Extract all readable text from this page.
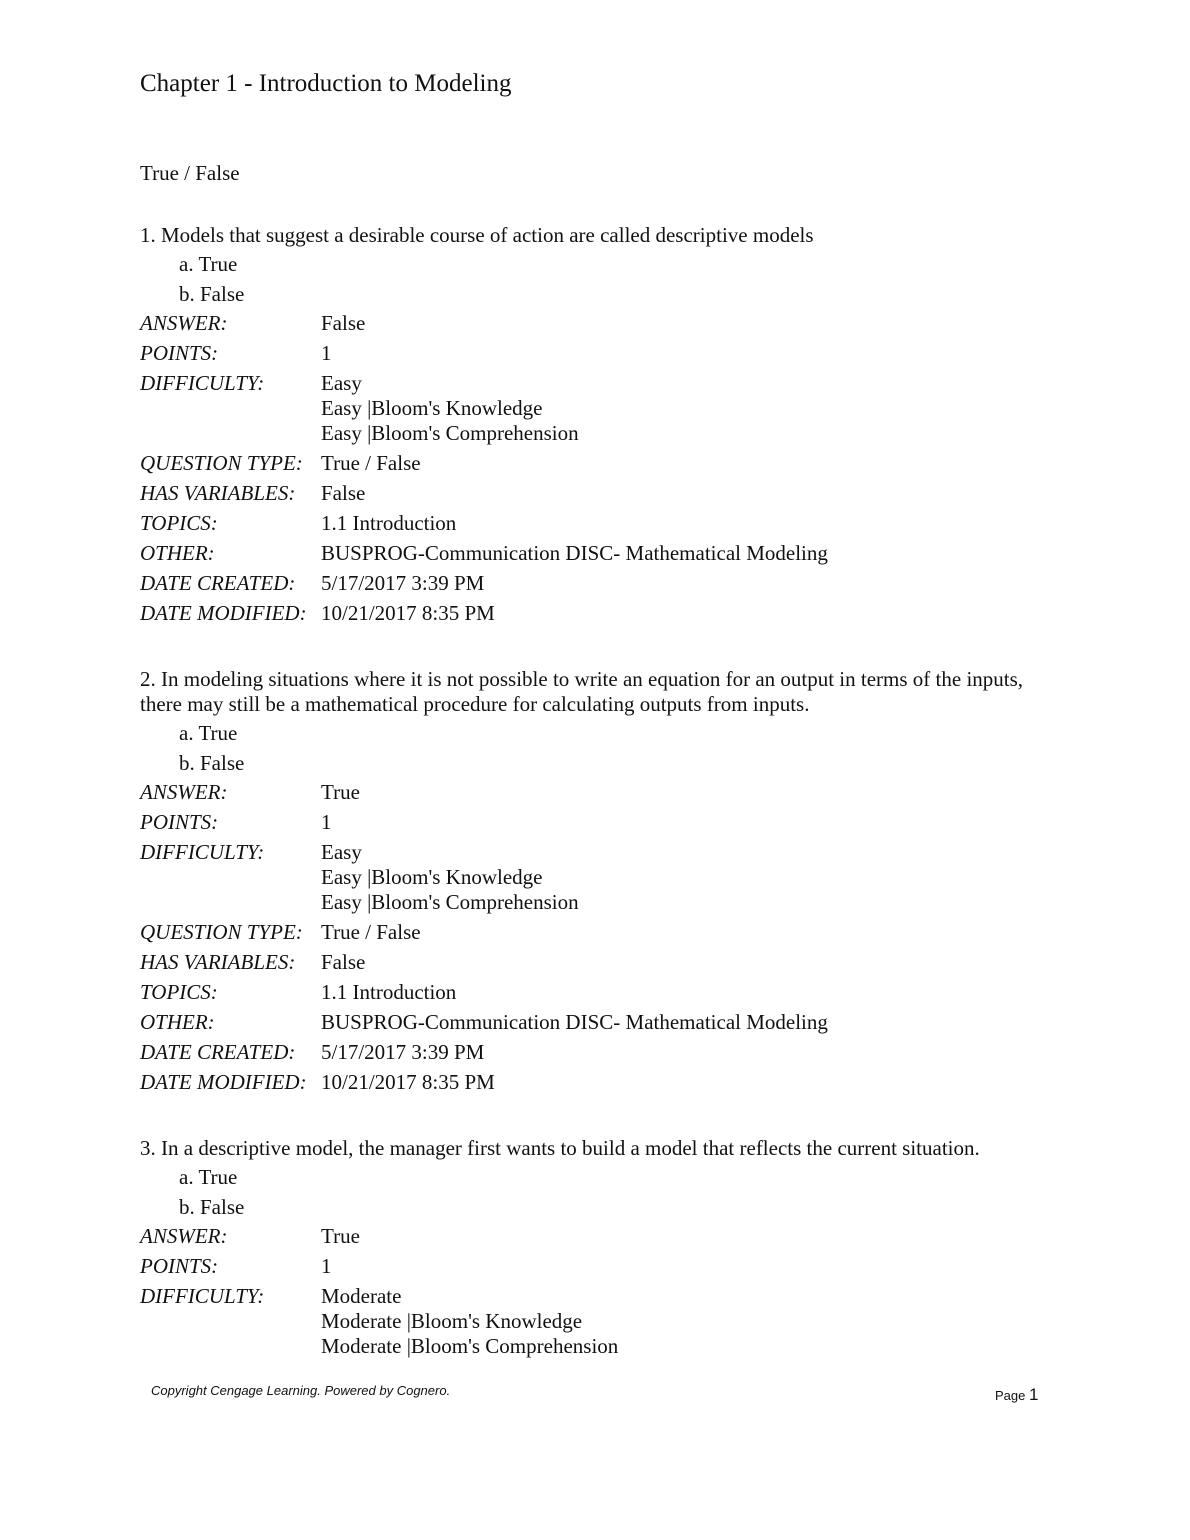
Chapter 1 - Introduction to Modeling
True / False

1. Models that suggest a desirable course of action are called descriptive models

a. True
b. False
ANSWER:	False
POINTS:	1
DIFFICULTY:	Easy
Easy |Bloom's Knowledge
Easy |Bloom's Comprehension
QUESTION TYPE: True / False
HAS VARIABLES:	False
TOPICS:	1.1 Introduction
OTHER:	BUSPROG-Communication DISC- Mathematical Modeling
DATE CREATED:	5/17/2017 3:39 PM
DATE MODIFIED: 10/21/2017 8:35 PM

2. In modeling situations where it is not possible to write an equation for an output in terms of the inputs, there may still be a mathematical procedure for calculating outputs from inputs.

a. True
b. False
ANSWER:	True
POINTS:	1
DIFFICULTY:	Easy
Easy |Bloom's Knowledge
Easy |Bloom's Comprehension
QUESTION TYPE: True / False
HAS VARIABLES:	False
TOPICS:	1.1 Introduction
OTHER:	BUSPROG-Communication DISC- Mathematical Modeling
DATE CREATED:	5/17/2017 3:39 PM
DATE MODIFIED: 10/21/2017 8:35 PM

3. In a descriptive model, the manager first wants to build a model that reflects the current situation.

a. True
b. False
ANSWER:	True
POINTS:	1
DIFFICULTY:	Moderate
Moderate |Bloom's Knowledge
Moderate |Bloom's Comprehension
Copyright Cengage Learning. Powered by Cognero.	Page 1
